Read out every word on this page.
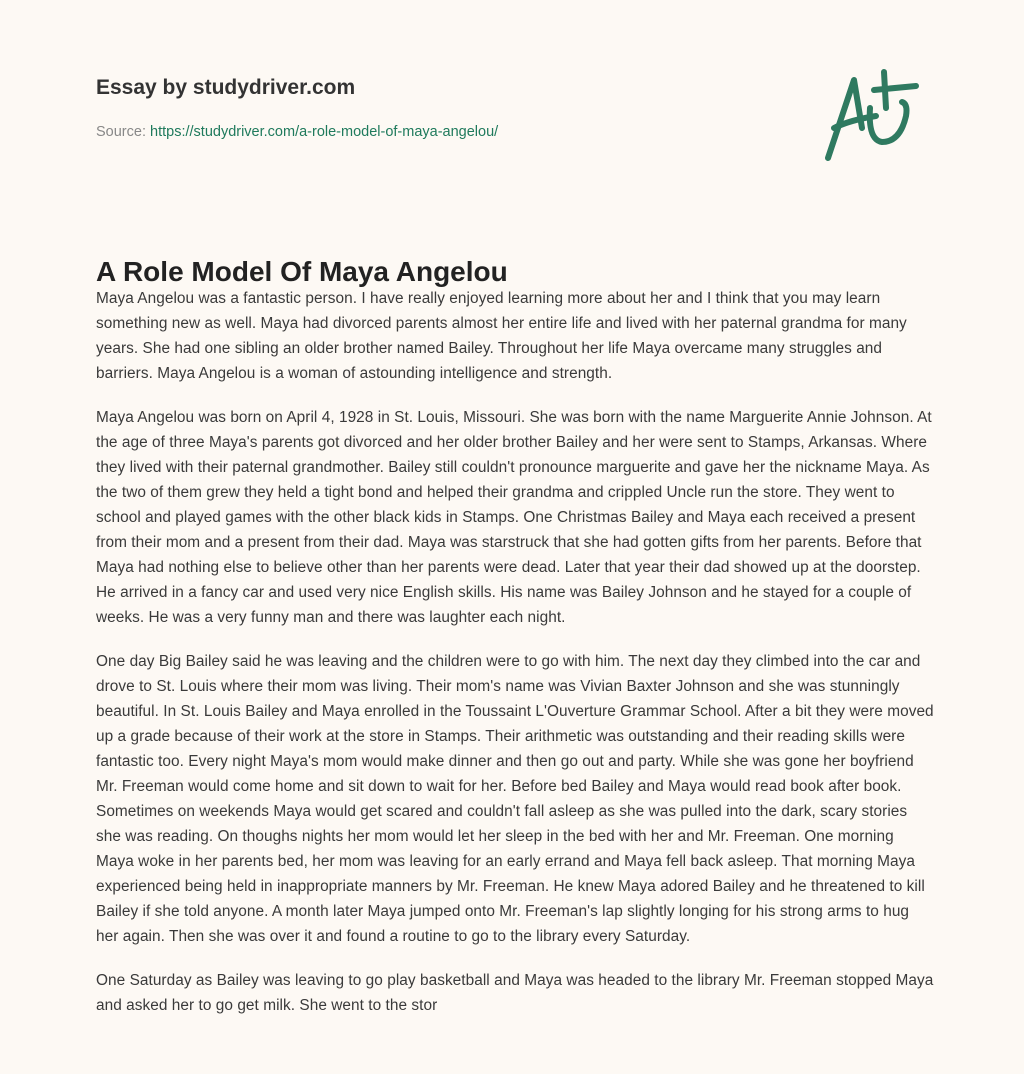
Essay by studydriver.com
Source: https://studydriver.com/a-role-model-of-maya-angelou/
A Role Model Of Maya Angelou

Maya Angelou was a fantastic person. I have really enjoyed learning more about her and I think that you may learn something new as well. Maya had divorced parents almost her entire life and lived with her paternal grandma for many years. She had one sibling an older brother named Bailey. Throughout her life Maya overcame many struggles and barriers. Maya Angelou is a woman of astounding intelligence and strength.

Maya Angelou was born on April 4, 1928 in St. Louis, Missouri. She was born with the name Marguerite Annie Johnson. At the age of three Maya's parents got divorced and her older brother Bailey and her were sent to Stamps, Arkansas. Where they lived with their paternal grandmother. Bailey still couldn't pronounce marguerite and gave her the nickname Maya. As the two of them grew they held a tight bond and helped their grandma and crippled Uncle run the store. They went to school and played games with the other black kids in Stamps. One Christmas Bailey and Maya each received a present from their mom and a present from their dad. Maya was starstruck that she had gotten gifts from her parents. Before that Maya had nothing else to believe other than her parents were dead. Later that year their dad showed up at the doorstep. He arrived in a fancy car and used very nice English skills. His name was Bailey Johnson and he stayed for a couple of weeks. He was a very funny man and there was laughter each night.

One day Big Bailey said he was leaving and the children were to go with him. The next day they climbed into the car and drove to St. Louis where their mom was living. Their mom's name was Vivian Baxter Johnson and she was stunningly beautiful. In St. Louis Bailey and Maya enrolled in the Toussaint L'Ouverture Grammar School. After a bit they were moved up a grade because of their work at the store in Stamps. Their arithmetic was outstanding and their reading skills were fantastic too. Every night Maya's mom would make dinner and then go out and party. While she was gone her boyfriend Mr. Freeman would come home and sit down to wait for her. Before bed Bailey and Maya would read book after book. Sometimes on weekends Maya would get scared and couldn't fall asleep as she was pulled into the dark, scary stories she was reading. On thoughs nights her mom would let her sleep in the bed with her and Mr. Freeman. One morning Maya woke in her parents bed, her mom was leaving for an early errand and Maya fell back asleep. That morning Maya experienced being held in inappropriate manners by Mr. Freeman. He knew Maya adored Bailey and he threatened to kill Bailey if she told anyone. A month later Maya jumped onto Mr. Freeman's lap slightly longing for his strong arms to hug her again. Then she was over it and found a routine to go to the library every Saturday.

One Saturday as Bailey was leaving to go play basketball and Maya was headed to the library Mr. Freeman stopped Maya and asked her to go get milk. She went to the stor
